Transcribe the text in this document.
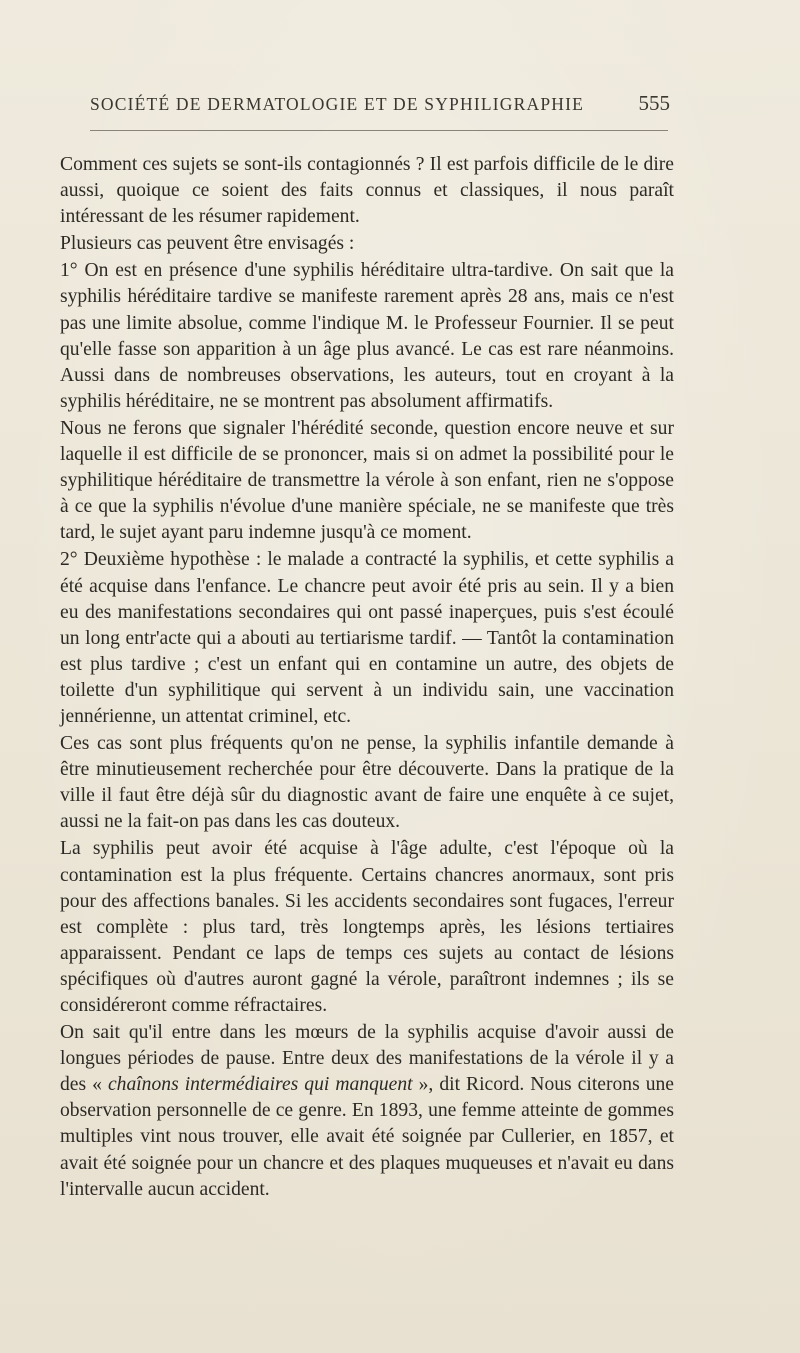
SOCIÉTÉ DE DERMATOLOGIE ET DE SYPHILIGRAPHIE	555

Comment ces sujets se sont-ils contagionnés ? Il est parfois difficile de le dire aussi, quoique ce soient des faits connus et classiques, il nous paraît intéressant de les résumer rapidement.

Plusieurs cas peuvent être envisagés :

1° On est en présence d'une syphilis héréditaire ultra-tardive. On sait que la syphilis héréditaire tardive se manifeste rarement après 28 ans, mais ce n'est pas une limite absolue, comme l'indique M. le Professeur Fournier. Il se peut qu'elle fasse son apparition à un âge plus avancé. Le cas est rare néanmoins. Aussi dans de nombreuses observations, les auteurs, tout en croyant à la syphilis héréditaire, ne se montrent pas absolument affirmatifs.

Nous ne ferons que signaler l'hérédité seconde, question encore neuve et sur laquelle il est difficile de se prononcer, mais si on admet la possibilité pour le syphilitique héréditaire de transmettre la vérole à son enfant, rien ne s'oppose à ce que la syphilis n'évolue d'une manière spéciale, ne se manifeste que très tard, le sujet ayant paru indemne jusqu'à ce moment.

2° Deuxième hypothèse : le malade a contracté la syphilis, et cette syphilis a été acquise dans l'enfance. Le chancre peut avoir été pris au sein. Il y a bien eu des manifestations secondaires qui ont passé inaperçues, puis s'est écoulé un long entr'acte qui a abouti au tertiarisme tardif. — Tantôt la contamination est plus tardive ; c'est un enfant qui en contamine un autre, des objets de toilette d'un syphilitique qui servent à un individu sain, une vaccination jennérienne, un attentat criminel, etc.

Ces cas sont plus fréquents qu'on ne pense, la syphilis infantile demande à être minutieusement recherchée pour être découverte. Dans la pratique de la ville il faut être déjà sûr du diagnostic avant de faire une enquête à ce sujet, aussi ne la fait-on pas dans les cas douteux.

La syphilis peut avoir été acquise à l'âge adulte, c'est l'époque où la contamination est la plus fréquente. Certains chancres anormaux, sont pris pour des affections banales. Si les accidents secondaires sont fugaces, l'erreur est complète : plus tard, très longtemps après, les lésions tertiaires apparaissent. Pendant ce laps de temps ces sujets au contact de lésions spécifiques où d'autres auront gagné la vérole, paraîtront indemnes ; ils se considéreront comme réfractaires.

On sait qu'il entre dans les mœurs de la syphilis acquise d'avoir aussi de longues périodes de pause. Entre deux des manifestations de la vérole il y a des « chaînons intermédiaires qui manquent », dit Ricord. Nous citerons une observation personnelle de ce genre. En 1893, une femme atteinte de gommes multiples vint nous trouver, elle avait été soignée par Cullerier, en 1857, et avait été soignée pour un chancre et des plaques muqueuses et n'avait eu dans l'intervalle aucun accident.
